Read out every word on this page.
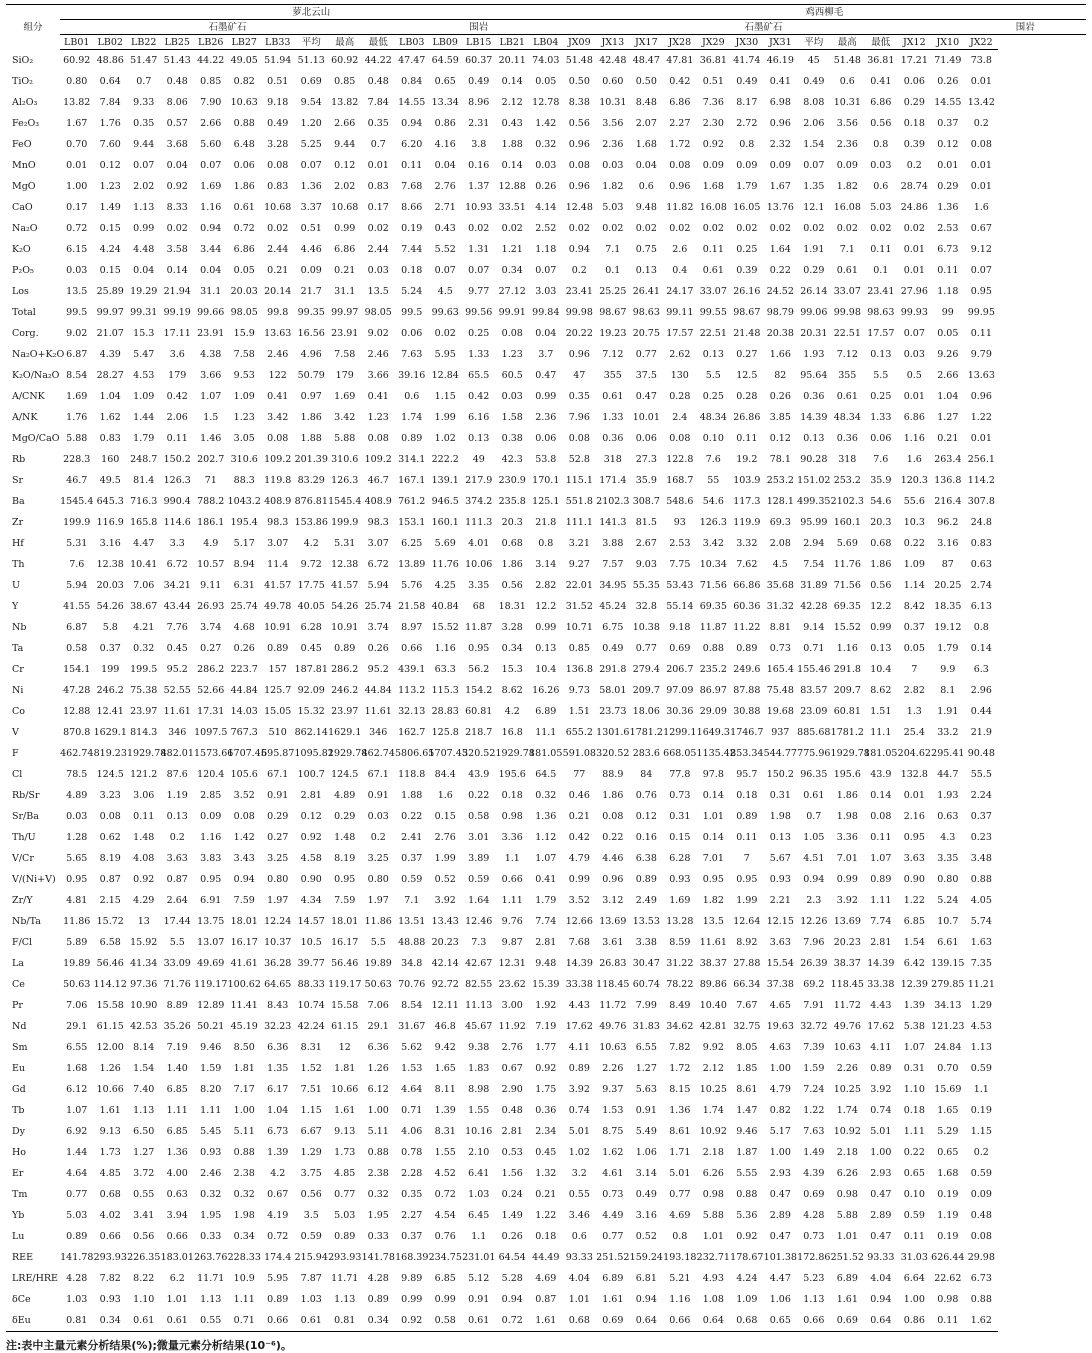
组分	萝北云山															鸡西柳毛												
	石墨矿石										围岩					石墨矿石												围岩
	LB01	LB02	LB22	LB25	LB26	LB27	LB33	平均	最高	最低	LB03	LB09	LB15	LB21	LB04	JX09	JX13	JX17	JX28	JX29	JX30	JX31	平均	最高	最低	JX12	JX10	JX22
SiO₂	60.92	48.86	51.47	51.43	44.22	49.05	51.94	51.13	60.92	44.22	47.47	64.59	60.37	20.11	74.03	51.48	42.48	48.47	47.81	36.81	41.74	46.19	45	51.48	36.81	17.21	71.49	73.8
TiO₂	0.80	0.64	0.7	0.48	0.85	0.82	0.51	0.69	0.85	0.48	0.84	0.65	0.49	0.14	0.05	0.50	0.60	0.50	0.42	0.51	0.49	0.41	0.49	0.6	0.41	0.06	0.26	0.01
Al₂O₃	13.82	7.84	9.33	8.06	7.90	10.63	9.18	9.54	13.82	7.84	14.55	13.34	8.96	2.12	12.78	8.38	10.31	8.48	6.86	7.36	8.17	6.98	8.08	10.31	6.86	0.29	14.55	13.42
Fe₂O₃	1.67	1.76	0.35	0.57	2.66	0.88	0.49	1.20	2.66	0.35	0.94	0.86	2.31	0.43	1.42	0.56	3.56	2.07	2.27	2.30	2.72	0.96	2.06	3.56	0.56	0.18	0.37	0.2
FeO	0.70	7.60	9.44	3.68	5.60	6.48	3.28	5.25	9.44	0.7	6.20	4.16	3.8	1.88	0.32	0.96	2.36	1.68	1.72	0.92	0.8	2.32	1.54	2.36	0.8	0.39	0.12	0.08
MnO	0.01	0.12	0.07	0.04	0.07	0.06	0.08	0.07	0.12	0.01	0.11	0.04	0.16	0.14	0.03	0.08	0.03	0.04	0.08	0.09	0.09	0.09	0.07	0.09	0.03	0.2	0.01	0.01
MgO	1.00	1.23	2.02	0.92	1.69	1.86	0.83	1.36	2.02	0.83	7.68	2.76	1.37	12.88	0.26	0.96	1.82	0.6	0.96	1.68	1.79	1.67	1.35	1.82	0.6	28.74	0.29	0.01
CaO	0.17	1.49	1.13	8.33	1.16	0.61	10.68	3.37	10.68	0.17	8.66	2.71	10.93	33.51	4.14	12.48	5.03	9.48	11.82	16.08	16.05	13.76	12.1	16.08	5.03	24.86	1.36	1.6
Na₂O	0.72	0.15	0.99	0.02	0.94	0.72	0.02	0.51	0.99	0.02	0.19	0.43	0.02	0.02	2.52	0.02	0.02	0.02	0.02	0.02	0.02	0.02	0.02	0.02	0.02	0.02	2.53	0.67
K₂O	6.15	4.24	4.48	3.58	3.44	6.86	2.44	4.46	6.86	2.44	7.44	5.52	1.31	1.21	1.18	0.94	7.1	0.75	2.6	0.11	0.25	1.64	1.91	7.1	0.11	0.01	6.73	9.12
P₂O₅	0.03	0.15	0.04	0.14	0.04	0.05	0.21	0.09	0.21	0.03	0.18	0.07	0.07	0.34	0.07	0.2	0.1	0.13	0.4	0.61	0.39	0.22	0.29	0.61	0.1	0.01	0.11	0.07
Los	13.5	25.89	19.29	21.94	31.1	20.03	20.14	21.7	31.1	13.5	5.24	4.5	9.77	27.12	3.03	23.41	25.25	26.41	24.17	33.07	26.16	24.52	26.14	33.07	23.41	27.96	1.18	0.95
Total	99.5	99.97	99.31	99.19	99.66	98.05	99.8	99.35	99.97	98.05	99.5	99.63	99.56	99.91	99.84	99.98	98.67	98.63	99.11	99.55	98.67	98.79	99.06	99.98	98.63	99.93	99	99.95
Corg.	9.02	21.07	15.3	17.11	23.91	15.9	13.63	16.56	23.91	9.02	0.06	0.02	0.25	0.08	0.04	20.22	19.23	20.75	17.57	22.51	21.48	20.38	20.31	22.51	17.57	0.07	0.05	0.11
Na₂O+K₂O	6.87	4.39	5.47	3.6	4.38	7.58	2.46	4.96	7.58	2.46	7.63	5.95	1.33	1.23	3.7	0.96	7.12	0.77	2.62	0.13	0.27	1.66	1.93	7.12	0.13	0.03	9.26	9.79
K₂O/Na₂O	8.54	28.27	4.53	179	3.66	9.53	122	50.79	179	3.66	39.16	12.84	65.5	60.5	0.47	47	355	37.5	130	5.5	12.5	82	95.64	355	5.5	0.5	2.66	13.63
A/CNK	1.69	1.04	1.09	0.42	1.07	1.09	0.41	0.97	1.69	0.41	0.6	1.15	0.42	0.03	0.99	0.35	0.61	0.47	0.28	0.25	0.28	0.26	0.36	0.61	0.25	0.01	1.04	0.96
A/NK	1.76	1.62	1.44	2.06	1.5	1.23	3.42	1.86	3.42	1.23	1.74	1.99	6.16	1.58	2.36	7.96	1.33	10.01	2.4	48.34	26.86	3.85	14.39	48.34	1.33	6.86	1.27	1.22
MgO/CaO	5.88	0.83	1.79	0.11	1.46	3.05	0.08	1.88	5.88	0.08	0.89	1.02	0.13	0.38	0.06	0.08	0.36	0.06	0.08	0.10	0.11	0.12	0.13	0.36	0.06	1.16	0.21	0.01
Rb	228.3	160	248.7	150.2	202.7	310.6	109.2	201.39	310.6	109.2	314.1	222.2	49	42.3	53.8	52.8	318	27.3	122.8	7.6	19.2	78.1	90.28	318	7.6	1.6	263.4	256.1
Sr	46.7	49.5	81.4	126.3	71	88.3	119.8	83.29	126.3	46.7	167.1	139.1	217.9	230.9	170.1	115.1	171.4	35.9	168.7	55	103.9	253.2	151.02	253.2	35.9	120.3	136.8	114.2
Ba	1545.4	645.3	716.3	990.4	788.2	1043.2	408.9	876.81	1545.4	408.9	761.2	946.5	374.2	235.8	125.1	551.8	2102.3	308.7	548.6	54.6	117.3	128.1	499.35	2102.3	54.6	55.6	216.4	307.8
Zr	199.9	116.9	165.8	114.6	186.1	195.4	98.3	153.86	199.9	98.3	153.1	160.1	111.3	20.3	21.8	111.1	141.3	81.5	93	126.3	119.9	69.3	95.99	160.1	20.3	10.3	96.2	24.8
Hf	5.31	3.16	4.47	3.3	4.9	5.17	3.07	4.2	5.31	3.07	6.25	5.69	4.01	0.68	0.8	3.21	3.88	2.67	2.53	3.42	3.32	2.08	2.94	5.69	0.68	0.22	3.16	0.83
Th	7.6	12.38	10.41	6.72	10.57	8.94	11.4	9.72	12.38	6.72	13.89	11.76	10.06	1.86	3.14	9.27	7.57	9.03	7.75	10.34	7.62	4.5	7.54	11.76	1.86	1.09	87	0.63
U	5.94	20.03	7.06	34.21	9.11	6.31	41.57	17.75	41.57	5.94	5.76	4.25	3.35	0.56	2.82	22.01	34.95	55.35	53.43	71.56	66.86	35.68	31.89	71.56	0.56	1.14	20.25	2.74
Y	41.55	54.26	38.67	43.44	26.93	25.74	49.78	40.05	54.26	25.74	21.58	40.84	68	18.31	12.2	31.52	45.24	32.8	55.14	69.35	60.36	31.32	42.28	69.35	12.2	8.42	18.35	6.13
Nb	6.87	5.8	4.21	7.76	3.74	4.68	10.91	6.28	10.91	3.74	8.97	15.52	11.87	3.28	0.99	10.71	6.75	10.38	9.18	11.87	11.22	8.81	9.14	15.52	0.99	0.37	19.12	0.8
Ta	0.58	0.37	0.32	0.45	0.27	0.26	0.89	0.45	0.89	0.26	0.66	1.16	0.95	0.34	0.13	0.85	0.49	0.77	0.69	0.88	0.89	0.73	0.71	1.16	0.13	0.05	1.79	0.14
Cr	154.1	199	199.5	95.2	286.2	223.7	157	187.81	286.2	95.2	439.1	63.3	56.2	15.3	10.4	136.8	291.8	279.4	206.7	235.2	249.6	165.4	155.46	291.8	10.4	7	9.9	6.3
Ni	47.28	246.2	75.38	52.55	52.66	44.84	125.7	92.09	246.2	44.84	113.2	115.3	154.2	8.62	16.26	9.73	58.01	209.7	97.09	86.97	87.88	75.48	83.57	209.7	8.62	2.82	8.1	2.96
Co	12.88	12.41	23.97	11.61	17.31	14.03	15.05	15.32	23.97	11.61	32.13	28.83	60.81	4.2	6.89	1.51	23.73	18.06	30.36	29.09	30.88	19.68	23.09	60.81	1.51	1.3	1.91	0.44
V	870.8	1629.1	814.3	346	1097.5	767.3	510	862.14	1629.1	346	162.7	125.8	218.7	16.8	11.1	655.2	1301.6	1781.2	1299.1	1649.3	1746.7	937	885.68	1781.2	11.1	25.4	33.2	21.9
F	462.74	819.23	1929.78	482.01	1573.66	1707.45	695.87	1095.82	1929.78	462.74	5806.65	1707.45	320.52	1929.78	181.05	591.08	320.52	283.6	668.05	1135.42	853.34	544.77	775.96	1929.78	181.05	204.62	295.41	90.48
Cl	78.5	124.5	121.2	87.6	120.4	105.6	67.1	100.7	124.5	67.1	118.8	84.4	43.9	195.6	64.5	77	88.9	84	77.8	97.8	95.7	150.2	96.35	195.6	43.9	132.8	44.7	55.5
Rb/Sr	4.89	3.23	3.06	1.19	2.85	3.52	0.91	2.81	4.89	0.91	1.88	1.6	0.22	0.18	0.32	0.46	1.86	0.76	0.73	0.14	0.18	0.31	0.61	1.86	0.14	0.01	1.93	2.24
Sr/Ba	0.03	0.08	0.11	0.13	0.09	0.08	0.29	0.12	0.29	0.03	0.22	0.15	0.58	0.98	1.36	0.21	0.08	0.12	0.31	1.01	0.89	1.98	0.7	1.98	0.08	2.16	0.63	0.37
Th/U	1.28	0.62	1.48	0.2	1.16	1.42	0.27	0.92	1.48	0.2	2.41	2.76	3.01	3.36	1.12	0.42	0.22	0.16	0.15	0.14	0.11	0.13	1.05	3.36	0.11	0.95	4.3	0.23
V/Cr	5.65	8.19	4.08	3.63	3.83	3.43	3.25	4.58	8.19	3.25	0.37	1.99	3.89	1.1	1.07	4.79	4.46	6.38	6.28	7.01	7	5.67	4.51	7.01	1.07	3.63	3.35	3.48
V/(Ni+V)	0.95	0.87	0.92	0.87	0.95	0.94	0.80	0.90	0.95	0.80	0.59	0.52	0.59	0.66	0.41	0.99	0.96	0.89	0.93	0.95	0.95	0.93	0.94	0.99	0.89	0.90	0.80	0.88
Zr/Y	4.81	2.15	4.29	2.64	6.91	7.59	1.97	4.34	7.59	1.97	7.1	3.92	1.64	1.11	1.79	3.52	3.12	2.49	1.69	1.82	1.99	2.21	2.3	3.92	1.11	1.22	5.24	4.05
Nb/Ta	11.86	15.72	13	17.44	13.75	18.01	12.24	14.57	18.01	11.86	13.51	13.43	12.46	9.76	7.74	12.66	13.69	13.53	13.28	13.5	12.64	12.15	12.26	13.69	7.74	6.85	10.7	5.74
F/Cl	5.89	6.58	15.92	5.5	13.07	16.17	10.37	10.5	16.17	5.5	48.88	20.23	7.3	9.87	2.81	7.68	3.61	3.38	8.59	11.61	8.92	3.63	7.96	20.23	2.81	1.54	6.61	1.63
La	19.89	56.46	41.34	33.09	49.69	41.61	36.28	39.77	56.46	19.89	34.8	42.14	42.67	12.31	9.48	14.39	26.83	30.47	31.22	38.37	27.88	15.54	26.39	38.37	14.39	6.42	139.15	7.35
Ce	50.63	114.12	97.36	71.76	119.17	100.62	64.65	88.33	119.17	50.63	70.76	92.72	82.55	23.62	15.39	33.38	118.45	60.74	78.22	89.86	66.34	37.38	69.2	118.45	33.38	12.39	279.85	11.21
Pr	7.06	15.58	10.90	8.89	12.89	11.41	8.43	10.74	15.58	7.06	8.54	12.11	11.13	3.00	1.92	4.43	11.72	7.99	8.49	10.40	7.67	4.65	7.91	11.72	4.43	1.39	34.13	1.29
Nd	29.1	61.15	42.53	35.26	50.21	45.19	32.23	42.24	61.15	29.1	31.67	46.8	45.67	11.92	7.19	17.62	49.76	31.83	34.62	42.81	32.75	19.63	32.72	49.76	17.62	5.38	121.23	4.53
Sm	6.55	12.00	8.14	7.19	9.46	8.50	6.36	8.31	12	6.36	5.62	9.42	9.38	2.76	1.77	4.11	10.63	6.55	7.82	9.92	8.05	4.63	7.39	10.63	4.11	1.07	24.84	1.13
Eu	1.68	1.26	1.54	1.40	1.59	1.81	1.35	1.52	1.81	1.26	1.53	1.65	1.83	0.67	0.92	0.89	2.26	1.27	1.72	2.12	1.85	1.00	1.59	2.26	0.89	0.31	0.70	0.59
Gd	6.12	10.66	7.40	6.85	8.20	7.17	6.17	7.51	10.66	6.12	4.64	8.11	8.98	2.90	1.75	3.92	9.37	5.63	8.15	10.25	8.61	4.79	7.24	10.25	3.92	1.10	15.69	1.1
Tb	1.07	1.61	1.13	1.11	1.11	1.00	1.04	1.15	1.61	1.00	0.71	1.39	1.55	0.48	0.36	0.74	1.53	0.91	1.36	1.74	1.47	0.82	1.22	1.74	0.74	0.18	1.65	0.19
Dy	6.92	9.13	6.50	6.85	5.45	5.11	6.73	6.67	9.13	5.11	4.06	8.31	10.16	2.81	2.34	5.01	8.75	5.49	8.61	10.92	9.46	5.17	7.63	10.92	5.01	1.11	5.29	1.15
Ho	1.44	1.73	1.27	1.36	0.93	0.88	1.39	1.29	1.73	0.88	0.78	1.55	2.10	0.53	0.45	1.02	1.62	1.06	1.71	2.18	1.87	1.00	1.49	2.18	1.00	0.22	0.65	0.2
Er	4.64	4.85	3.72	4.00	2.46	2.38	4.2	3.75	4.85	2.38	2.28	4.52	6.41	1.56	1.32	3.2	4.61	3.14	5.01	6.26	5.55	2.93	4.39	6.26	2.93	0.65	1.68	0.59
Tm	0.77	0.68	0.55	0.63	0.32	0.32	0.67	0.56	0.77	0.32	0.35	0.72	1.03	0.24	0.21	0.55	0.73	0.49	0.77	0.98	0.88	0.47	0.69	0.98	0.47	0.10	0.19	0.09
Yb	5.03	4.02	3.41	3.94	1.95	1.98	4.19	3.5	5.03	1.95	2.27	4.54	6.45	1.49	1.22	3.46	4.49	3.16	4.69	5.88	5.36	2.89	4.28	5.88	2.89	0.59	1.19	0.48
Lu	0.89	0.66	0.56	0.66	0.33	0.34	0.72	0.59	0.89	0.33	0.37	0.76	1.1	0.26	0.18	0.6	0.77	0.52	0.8	1.01	0.92	0.47	0.73	1.01	0.47	0.11	0.19	0.08
REE	141.78	293.93	226.35	183.01	263.76	228.33	174.4	215.94	293.93	141.78	168.39	234.75	231.01	64.54	44.49	93.33	251.52	159.24	193.18	232.71	178.67	101.38	172.86	251.52	93.33	31.03	626.44	29.98
LRE/HRE	4.28	7.82	8.22	6.2	11.71	10.9	5.95	7.87	11.71	4.28	9.89	6.85	5.12	5.28	4.69	4.04	6.89	6.81	5.21	4.93	4.24	4.47	5.23	6.89	4.04	6.64	22.62	6.73
δCe	1.03	0.93	1.10	1.01	1.13	1.11	0.89	1.03	1.13	0.89	0.99	0.99	0.91	0.94	0.87	1.01	1.61	0.94	1.16	1.08	1.09	1.06	1.13	1.61	0.94	1.00	0.98	0.88
δEu	0.81	0.34	0.61	0.61	0.55	0.71	0.66	0.61	0.81	0.34	0.92	0.58	0.61	0.72	1.61	0.68	0.69	0.64	0.66	0.64	0.68	0.65	0.66	0.69	0.64	0.86	0.11	1.62
注:表中主量元素分析结果(%);微量元素分析结果(10⁻⁶)。
